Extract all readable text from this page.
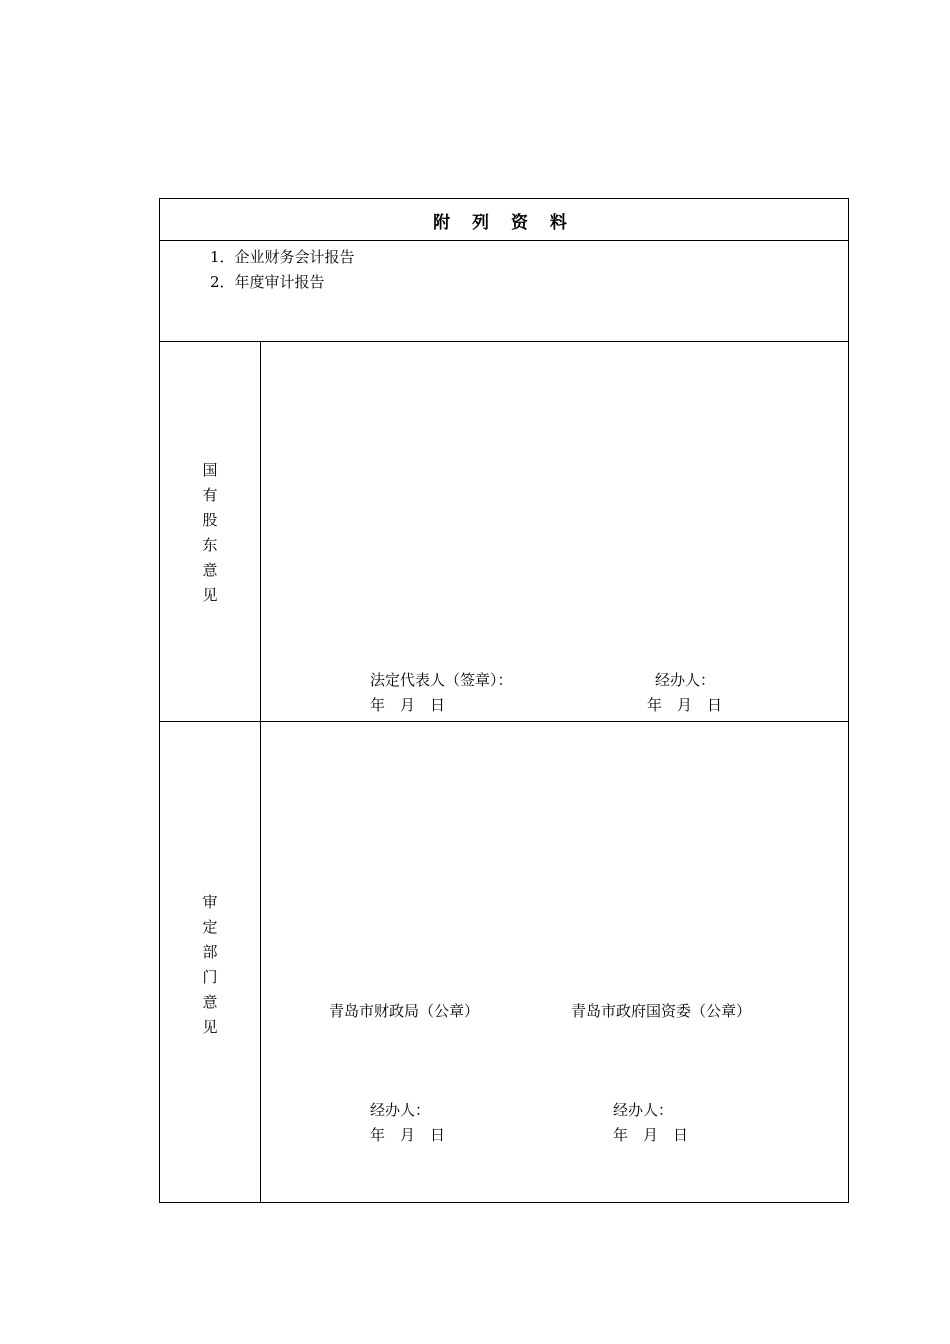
附 列 资 料
1．企业财务会计报告
2．年度审计报告
国
有
股
东
意
见
法定代表人（签章）：	经办人：
年　月　日	年　月　日
审
定
部
门
意
见
青岛市财政局（公章）	青岛市政府国资委（公章）
经办人：	经办人：
年　月　日	年　月　日
